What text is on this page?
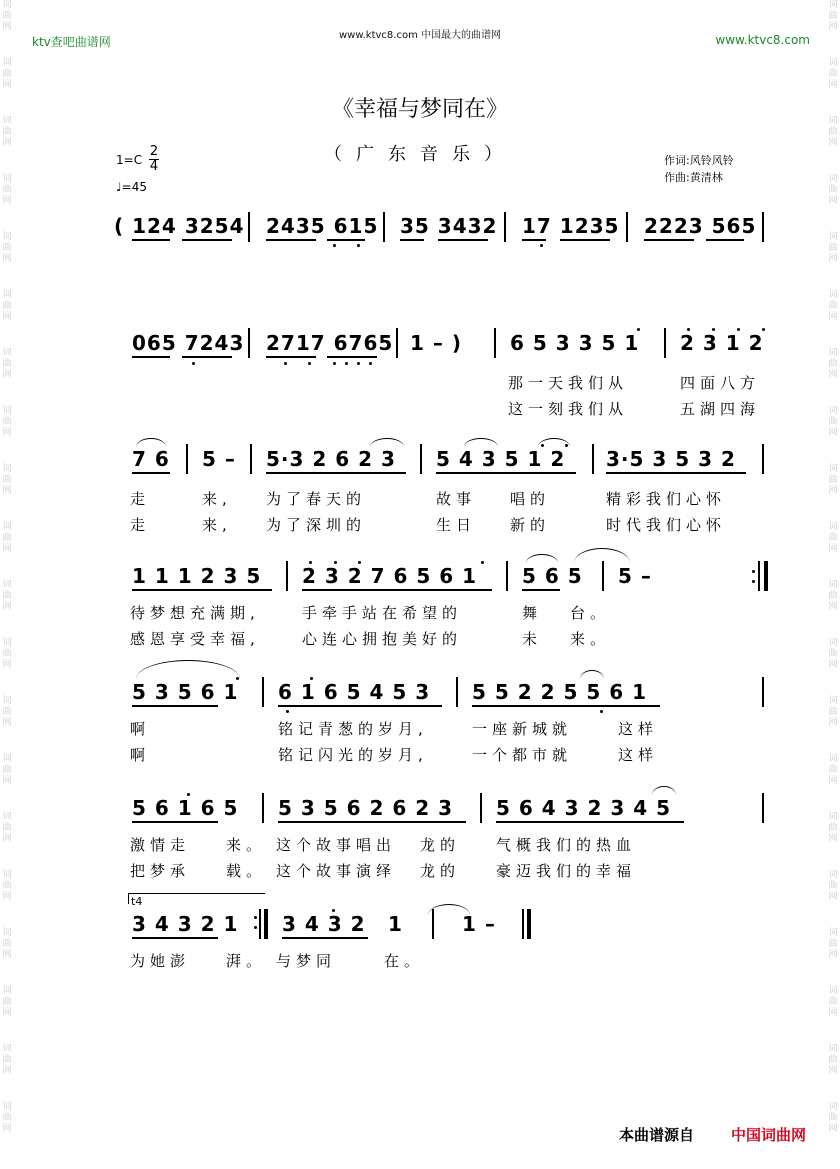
词
曲
网
词
曲
网
词
曲
网
词
曲
网
词
曲
网
词
曲
网
词
曲
网
词
曲
网
词
曲
网
词
曲
网
词
曲
网
词
曲
网
词
曲
网
词
曲
网
词
曲
网
词
曲
网
词
曲
网
词
曲
网
词
曲
网
词
曲
网
词
曲
网
词
曲
网
词
曲
网
词
曲
网
词
曲
网
词
曲
网
词
曲
网
词
曲
网
词
曲
网
词
曲
网
词
曲
网
词
曲
网
词
曲
网
词
曲
网
词
曲
网
词
曲
网
词
曲
网
词
曲
网
词
曲
网
词
曲
网
ktv查吧曲谱网	www.ktvc8.com 中国最大的曲谱网	www.ktvc8.com
《幸福与梦同在》
（广东音乐）
1=C
2
4
♩=45
作词:风铃风铃
作曲:黄清林
( 124 3254 2435 615 35 3432 17 1235 2223 565
065 7243 2717 6765 1 – ) 6 5 3 3 5 1 2 3 1 2
那一天我们从	四面八方
这一刻我们从	五湖四海
7 6 5 – 5·3 2 6 2 3 5 4 3 5 1 2 3·5 3 5 3 2
走	来, 为了春天的	故事 唱的	精彩我们心怀
走	来, 为了深圳的	生日 新的	时代我们心怀
1 1 1 2 3 5 2 3 2 7 6 5 6 1 5 6 5 5 –
待梦想充满期,	手牵手站在希望的	舞 台。
感恩享受幸福,	心连心拥抱美好的	未 来。
5 3 5 6 1 6 1 6 5 4 5 3 5 5 2 2 5 5 6 1
啊	铭记青葱的岁月,	一座新城就	这样
啊	铭记闪光的岁月,	一个都市就	这样
5 6 1 6 5 5 3 5 6 2 6 2 3 5 6 4 3 2 3 4 5
激情走 来。 这个故事唱出 龙的 气概我们的热血
把梦承 载。 这个故事演绎 龙的 豪迈我们的幸福
t4
3 4 3 2 1 3 4 3 2 1	1 –
为她澎 湃。 与梦同	在。
本曲谱源自 中国词曲网
